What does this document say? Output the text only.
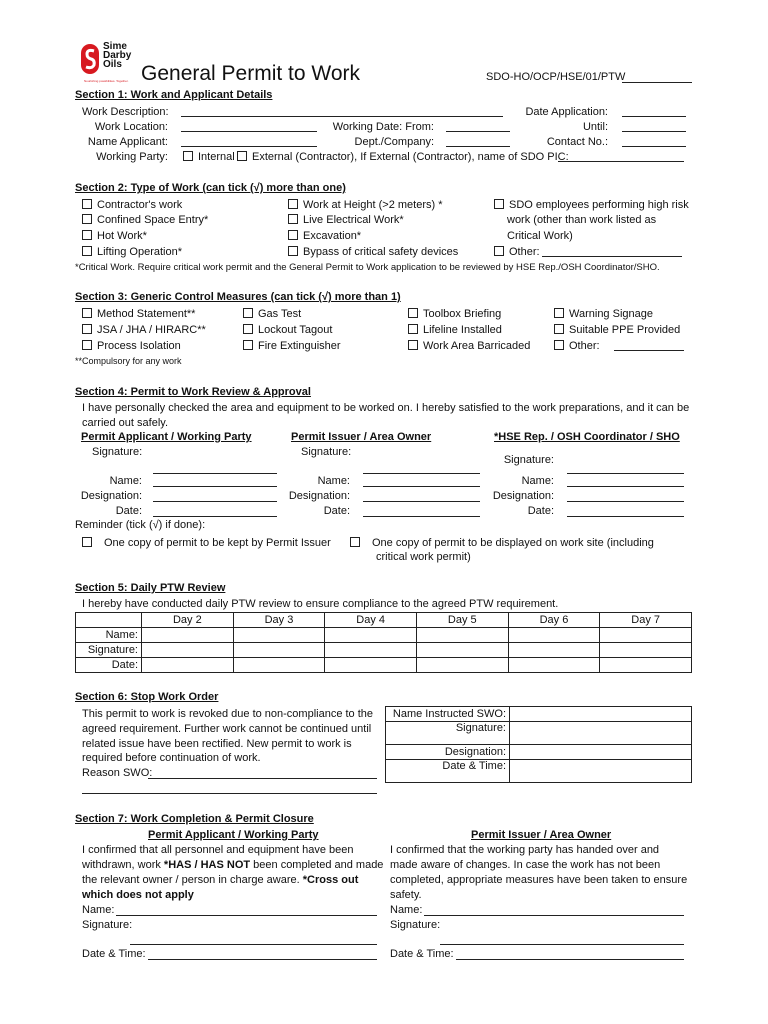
Sime
Darby
Oils
Nourishing possibilities. Together. General Permit to Work	SDO-HO/OCP/HSE/01/PTW
Section 1: Work and Applicant Details
Work Description:	Date Application:
Work Location:	Working Date: From:	Until:
Name Applicant:	Dept./Company:	Contact No.:
Working Party:	Internal	External (Contractor), If External (Contractor), name of SDO PIC:
Section 2: Type of Work (can tick (√) more than one)
Contractor's work
Confined Space Entry*
Hot Work*
Lifting Operation*
Work at Height (>2 meters) *
Live Electrical Work*
Excavation*
Bypass of critical safety devices
SDO employees performing high risk
work (other than work listed as
Critical Work)
Other:
*Critical Work. Require critical work permit and the General Permit to Work application to be reviewed by HSE Rep./OSH Coordinator/SHO.
Section 3: Generic Control Measures (can tick (√) more than 1)
Method Statement**
JSA / JHA / HIRARC**
Process Isolation
Gas Test
Lockout Tagout
Fire Extinguisher
Toolbox Briefing
Lifeline Installed
Work Area Barricaded
Warning Signage
Suitable PPE Provided
Other:
**Compulsory for any work
Section 4: Permit to Work Review & Approval
I have personally checked the area and equipment to be worked on. I hereby satisfied to the work preparations, and it can be
carried out safely.
Permit Applicant / Working Party	Permit Issuer / Area Owner	*HSE Rep. / OSH Coordinator / SHO
Signature:
Name:
Designation:
Date:
Signature:
Name:
Designation:
Date:
Signature:
Name:
Designation:
Date:
Reminder (tick (√) if done):
One copy of permit to be kept by Permit Issuer	One copy of permit to be displayed on work site (including
critical work permit)
Section 5: Daily PTW Review
I hereby have conducted daily PTW review to ensure compliance to the agreed PTW requirement.
	Day 2	Day 3	Day 4	Day 5	Day 6	Day 7
Name:						
Signature:						
Date:						
Section 6: Stop Work Order
This permit to work is revoked due to non-compliance to the
agreed requirement. Further work cannot be continued until
related issue have been rectified. New permit to work is
required before continuation of work.
Reason SWO:
Name Instructed SWO:	
Signature:	
Designation:	
Date & Time:	
Section 7: Work Completion & Permit Closure
Permit Applicant / Working Party	Permit Issuer / Area Owner
I confirmed that all personnel and equipment have been
withdrawn, work *HAS / HAS NOT been completed and made
the relevant owner / person in charge aware. *Cross out
which does not apply
Name:
Signature:
Date & Time:
I confirmed that the working party has handed over and
made aware of changes. In case the work has not been
completed, appropriate measures have been taken to ensure
safety.
Name:
Signature:
Date & Time:
